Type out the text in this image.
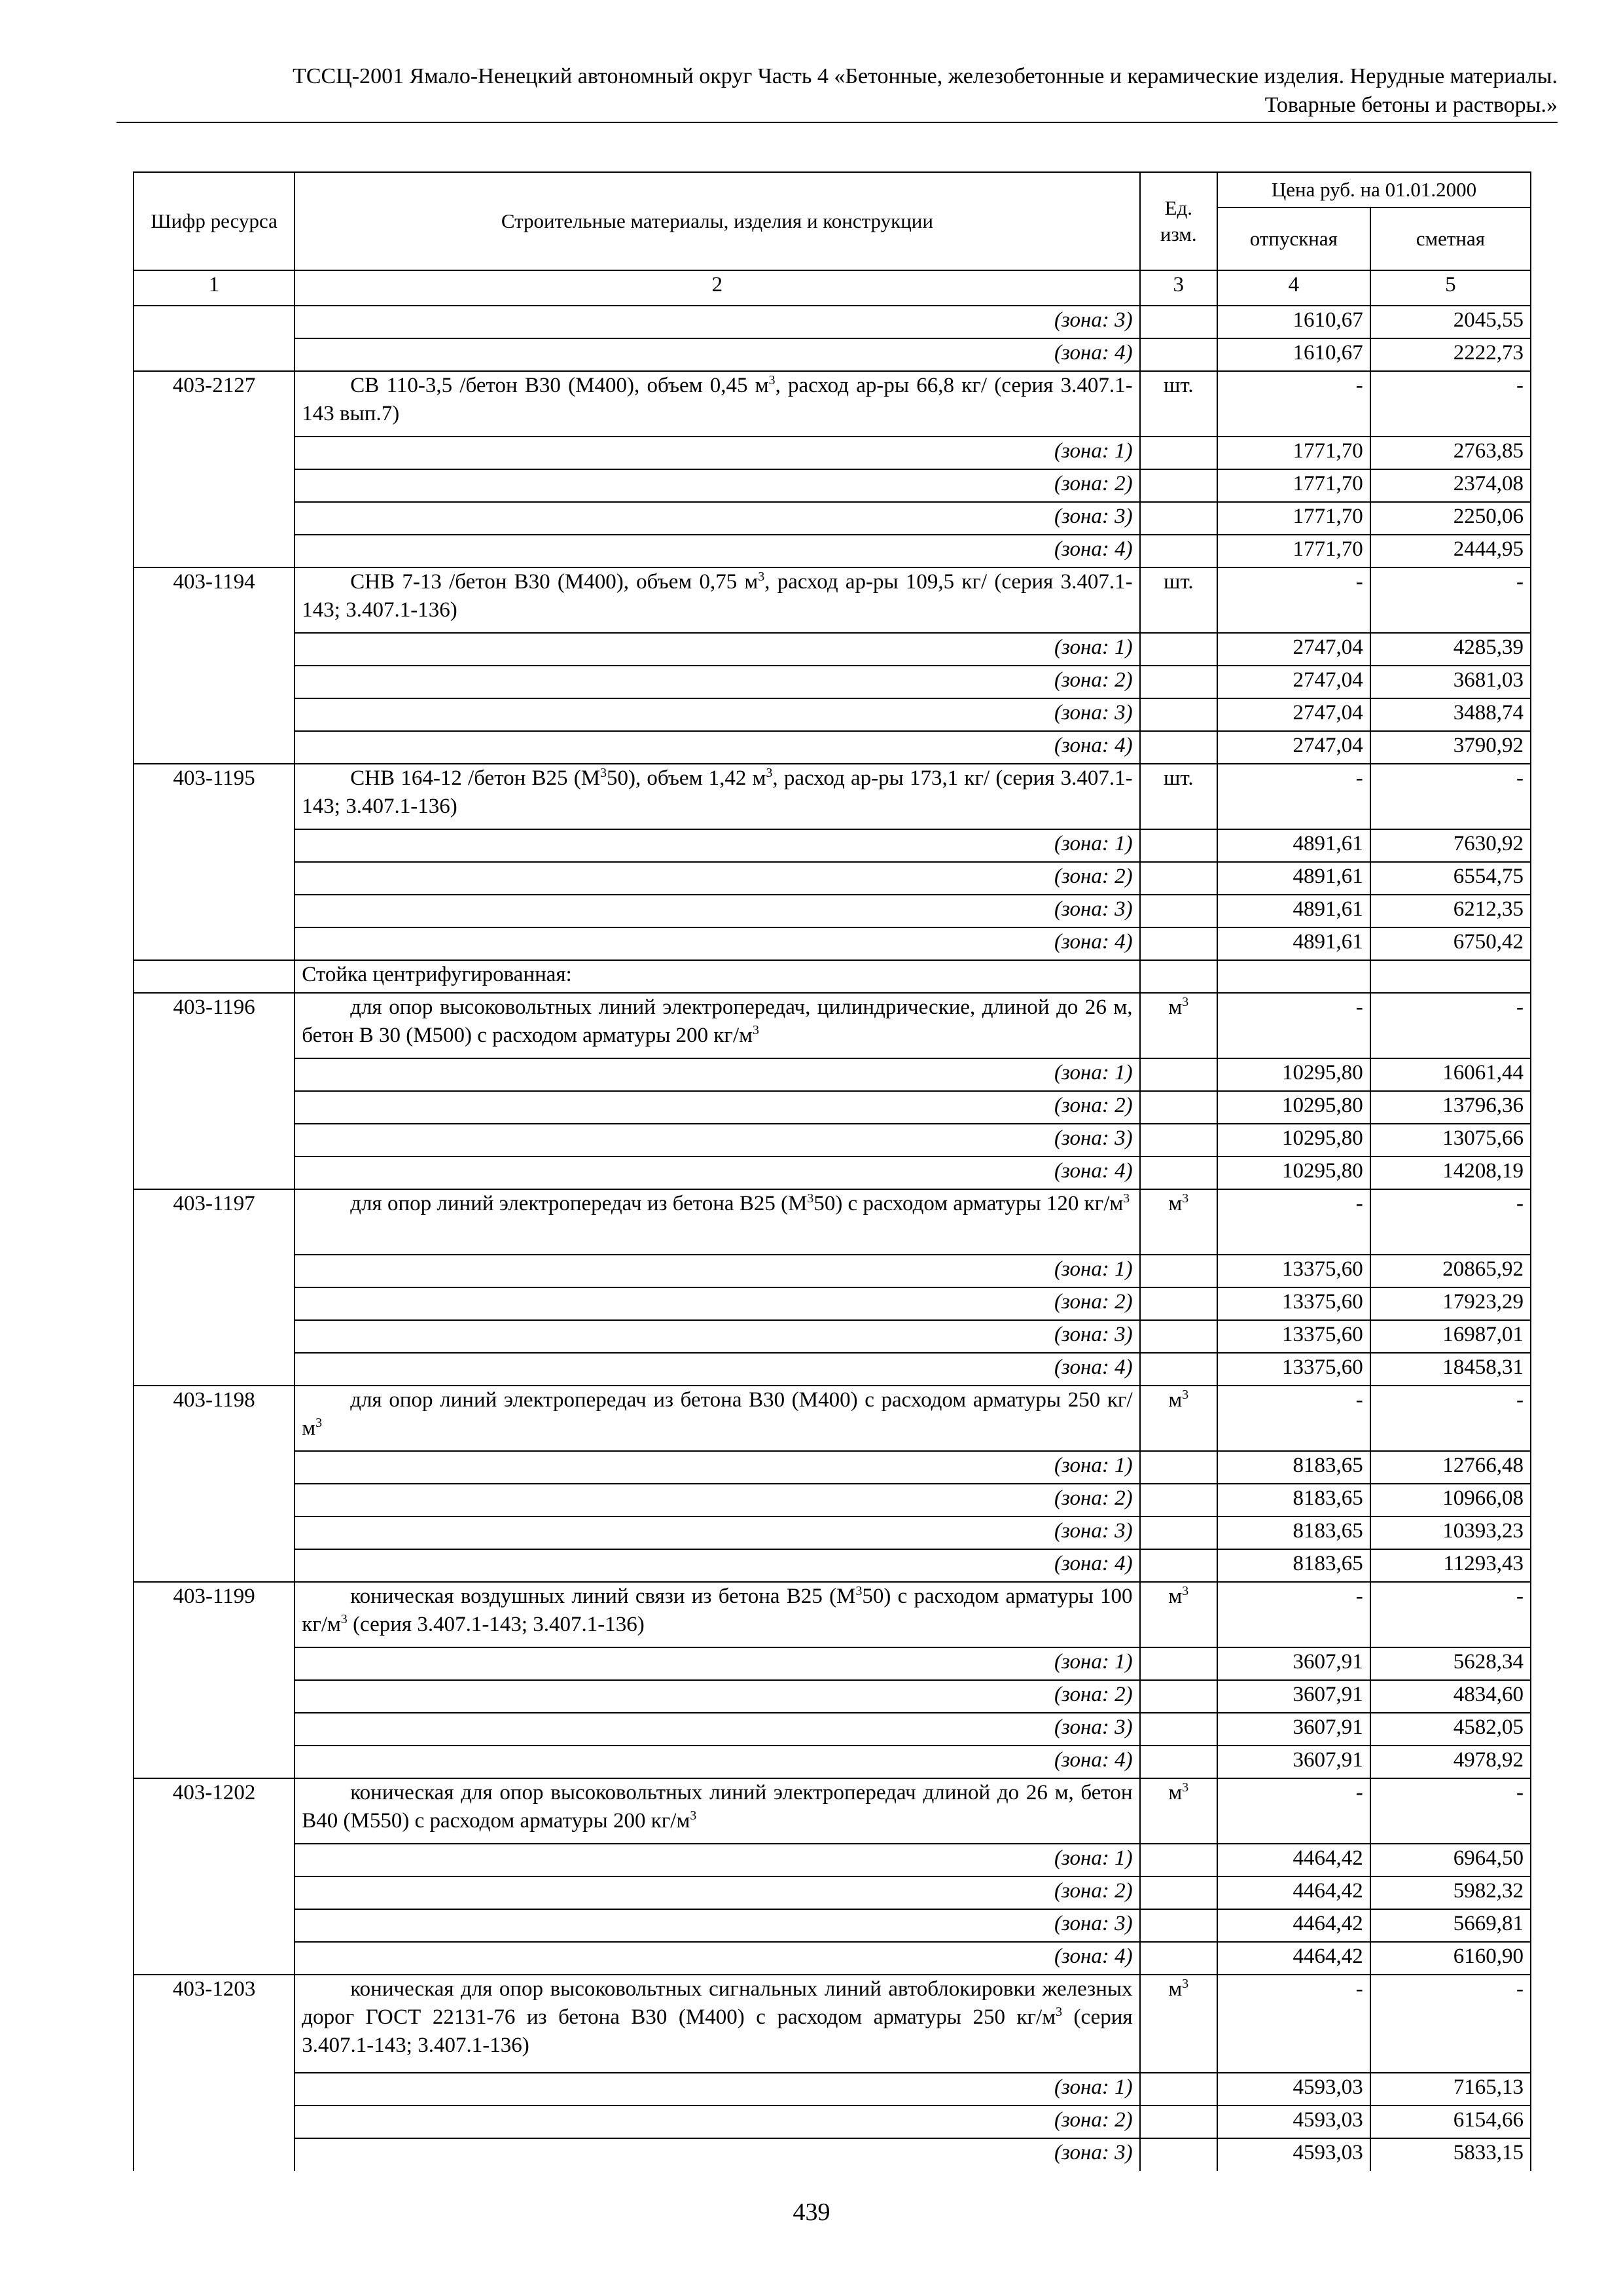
ТССЦ-2001 Ямало-Ненецкий автономный округ Часть 4 «Бетонные, железобетонные и керамические изделия. Нерудные материалы.
Товарные бетоны и растворы.»
Шифр ресурса	Строительные материалы, изделия и конструкции	Ед. изм.	Цена руб. на 01.01.2000	
			отпускная	сметная
1	2	3	4	5
	(зона: 3)		1610,67	2045,55
	(зона: 4)		1610,67	2222,73
403-2127	СВ 110-3,5 /бетон В30 (М400), объем 0,45 $м^3$, расход ар-ры 66,8 кг/ (серия 3.407.1-143 вып.7)	шт.	-	-
	(зона: 1)		1771,70	2763,85
	(зона: 2)		1771,70	2374,08
	(зона: 3)		1771,70	2250,06
	(зона: 4)		1771,70	2444,95
403-1194	СНВ 7-13 /бетон В30 (М400), объем 0,75 $м^3$, расход ар-ры 109,5 кг/ (серия 3.407.1-143; 3.407.1-136)	шт.	-	-
	(зона: 1)		2747,04	4285,39
	(зона: 2)		2747,04	3681,03
	(зона: 3)		2747,04	3488,74
	(зона: 4)		2747,04	3790,92
403-1195	СНВ 164-12 /бетон В25 $(М^350)$, объем 1,42 $м^3$, расход ар-ры 173,1 кг/ (серия 3.407.1-143; 3.407.1-136)	шт.	-	-
	(зона: 1)		4891,61	7630,92
	(зона: 2)		4891,61	6554,75
	(зона: 3)		4891,61	6212,35
	(зона: 4)		4891,61	6750,42
	Стойка центрифугированная:			
403-1196	для опор высоковольтных линий электропередач, цилиндрические, длиной до 26 м, бетон В 30 (М500) с расходом арматуры 200 $кг/м^3$	$м^3$	-	-
	(зона: 1)		10295,80	16061,44
	(зона: 2)		10295,80	13796,36
	(зона: 3)		10295,80	13075,66
	(зона: 4)		10295,80	14208,19
403-1197	для опор линий электропередач из бетона В25 $(М^350)$ с расходом арматуры 120 $кг/м^3$	$м^3$	-	-
	(зона: 1)		13375,60	20865,92
	(зона: 2)		13375,60	17923,29
	(зона: 3)		13375,60	16987,01
	(зона: 4)		13375,60	18458,31
403-1198	для опор линий электропередач из бетона В30 (М400) с расходом арматуры 250 $кг/м^3$	$м^3$	-	-
	(зона: 1)		8183,65	12766,48
	(зона: 2)		8183,65	10966,08
	(зона: 3)		8183,65	10393,23
	(зона: 4)		8183,65	11293,43
403-1199	коническая воздушных линий связи из бетона В25 $(М^350)$ с расходом арматуры 100 $кг/м^3$ (серия 3.407.1-143; 3.407.1-136)	$м^3$	-	-
	(зона: 1)		3607,91	5628,34
	(зона: 2)		3607,91	4834,60
	(зона: 3)		3607,91	4582,05
	(зона: 4)		3607,91	4978,92
403-1202	коническая для опор высоковольтных линий электропередач длиной до 26 м, бетон В40 (М550) с расходом арматуры 200 $кг/м^3$	$м^3$	-	-
	(зона: 1)		4464,42	6964,50
	(зона: 2)		4464,42	5982,32
	(зона: 3)		4464,42	5669,81
	(зона: 4)		4464,42	6160,90
403-1203	коническая для опор высоковольтных сигнальных линий автоблокировки железных дорог ГОСТ 22131-76 из бетона В30 (М400) с расходом арматуры 250 $кг/м^3$ (серия 3.407.1-143; 3.407.1-136)	$м^3$	-	-
	(зона: 1)		4593,03	7165,13
	(зона: 2)		4593,03	6154,66
	(зона: 3)		4593,03	5833,15
439
